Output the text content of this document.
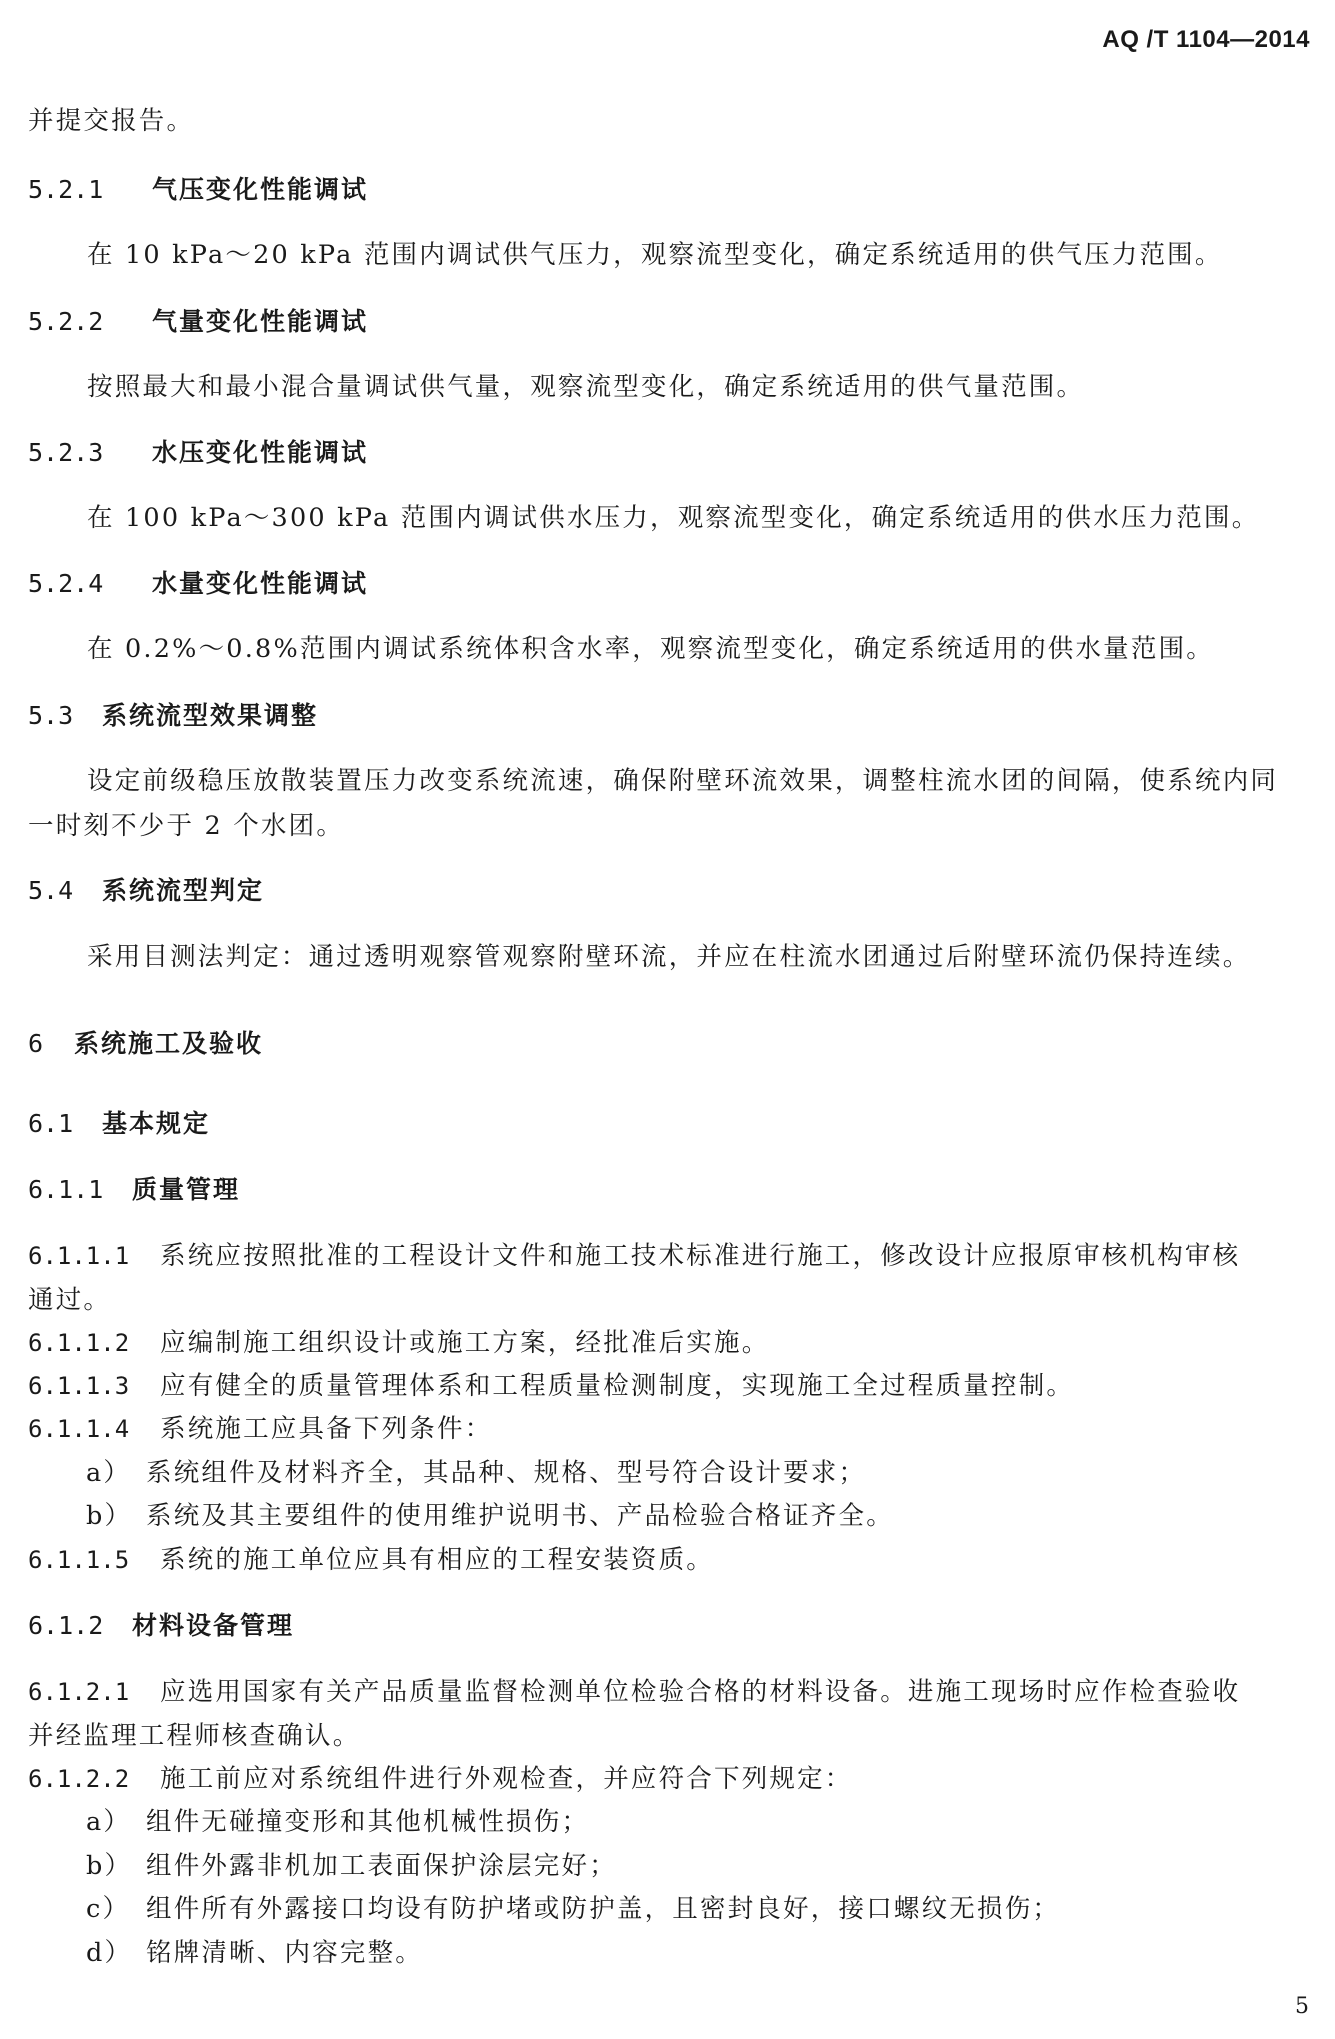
AQ /T 1104—2014
并提交报告。
5.2.1 气压变化性能调试
在 10 kPa～20 kPa 范围内调试供气压力，观察流型变化，确定系统适用的供气压力范围。
5.2.2 气量变化性能调试
按照最大和最小混合量调试供气量，观察流型变化，确定系统适用的供气量范围。
5.2.3 水压变化性能调试
在 100 kPa～300 kPa 范围内调试供水压力，观察流型变化，确定系统适用的供水压力范围。
5.2.4 水量变化性能调试
在 0.2%～0.8%范围内调试系统体积含水率，观察流型变化，确定系统适用的供水量范围。
5.3 系统流型效果调整
设定前级稳压放散装置压力改变系统流速，确保附壁环流效果，调整柱流水团的间隔，使系统内同
一时刻不少于 2 个水团。
5.4 系统流型判定
采用目测法判定：通过透明观察管观察附壁环流，并应在柱流水团通过后附壁环流仍保持连续。
6 系统施工及验收
6.1 基本规定
6.1.1 质量管理
6.1.1.1 系统应按照批准的工程设计文件和施工技术标准进行施工，修改设计应报原审核机构审核
通过。
6.1.1.2 应编制施工组织设计或施工方案，经批准后实施。
6.1.1.3 应有健全的质量管理体系和工程质量检测制度，实现施工全过程质量控制。
6.1.1.4 系统施工应具备下列条件：
a） 系统组件及材料齐全，其品种、规格、型号符合设计要求；
b） 系统及其主要组件的使用维护说明书、产品检验合格证齐全。
6.1.1.5 系统的施工单位应具有相应的工程安装资质。
6.1.2 材料设备管理
6.1.2.1 应选用国家有关产品质量监督检测单位检验合格的材料设备。进施工现场时应作检查验收
并经监理工程师核查确认。
6.1.2.2 施工前应对系统组件进行外观检查，并应符合下列规定：
a） 组件无碰撞变形和其他机械性损伤；
b） 组件外露非机加工表面保护涂层完好；
c） 组件所有外露接口均设有防护堵或防护盖，且密封良好，接口螺纹无损伤；
d） 铭牌清晰、内容完整。
5
